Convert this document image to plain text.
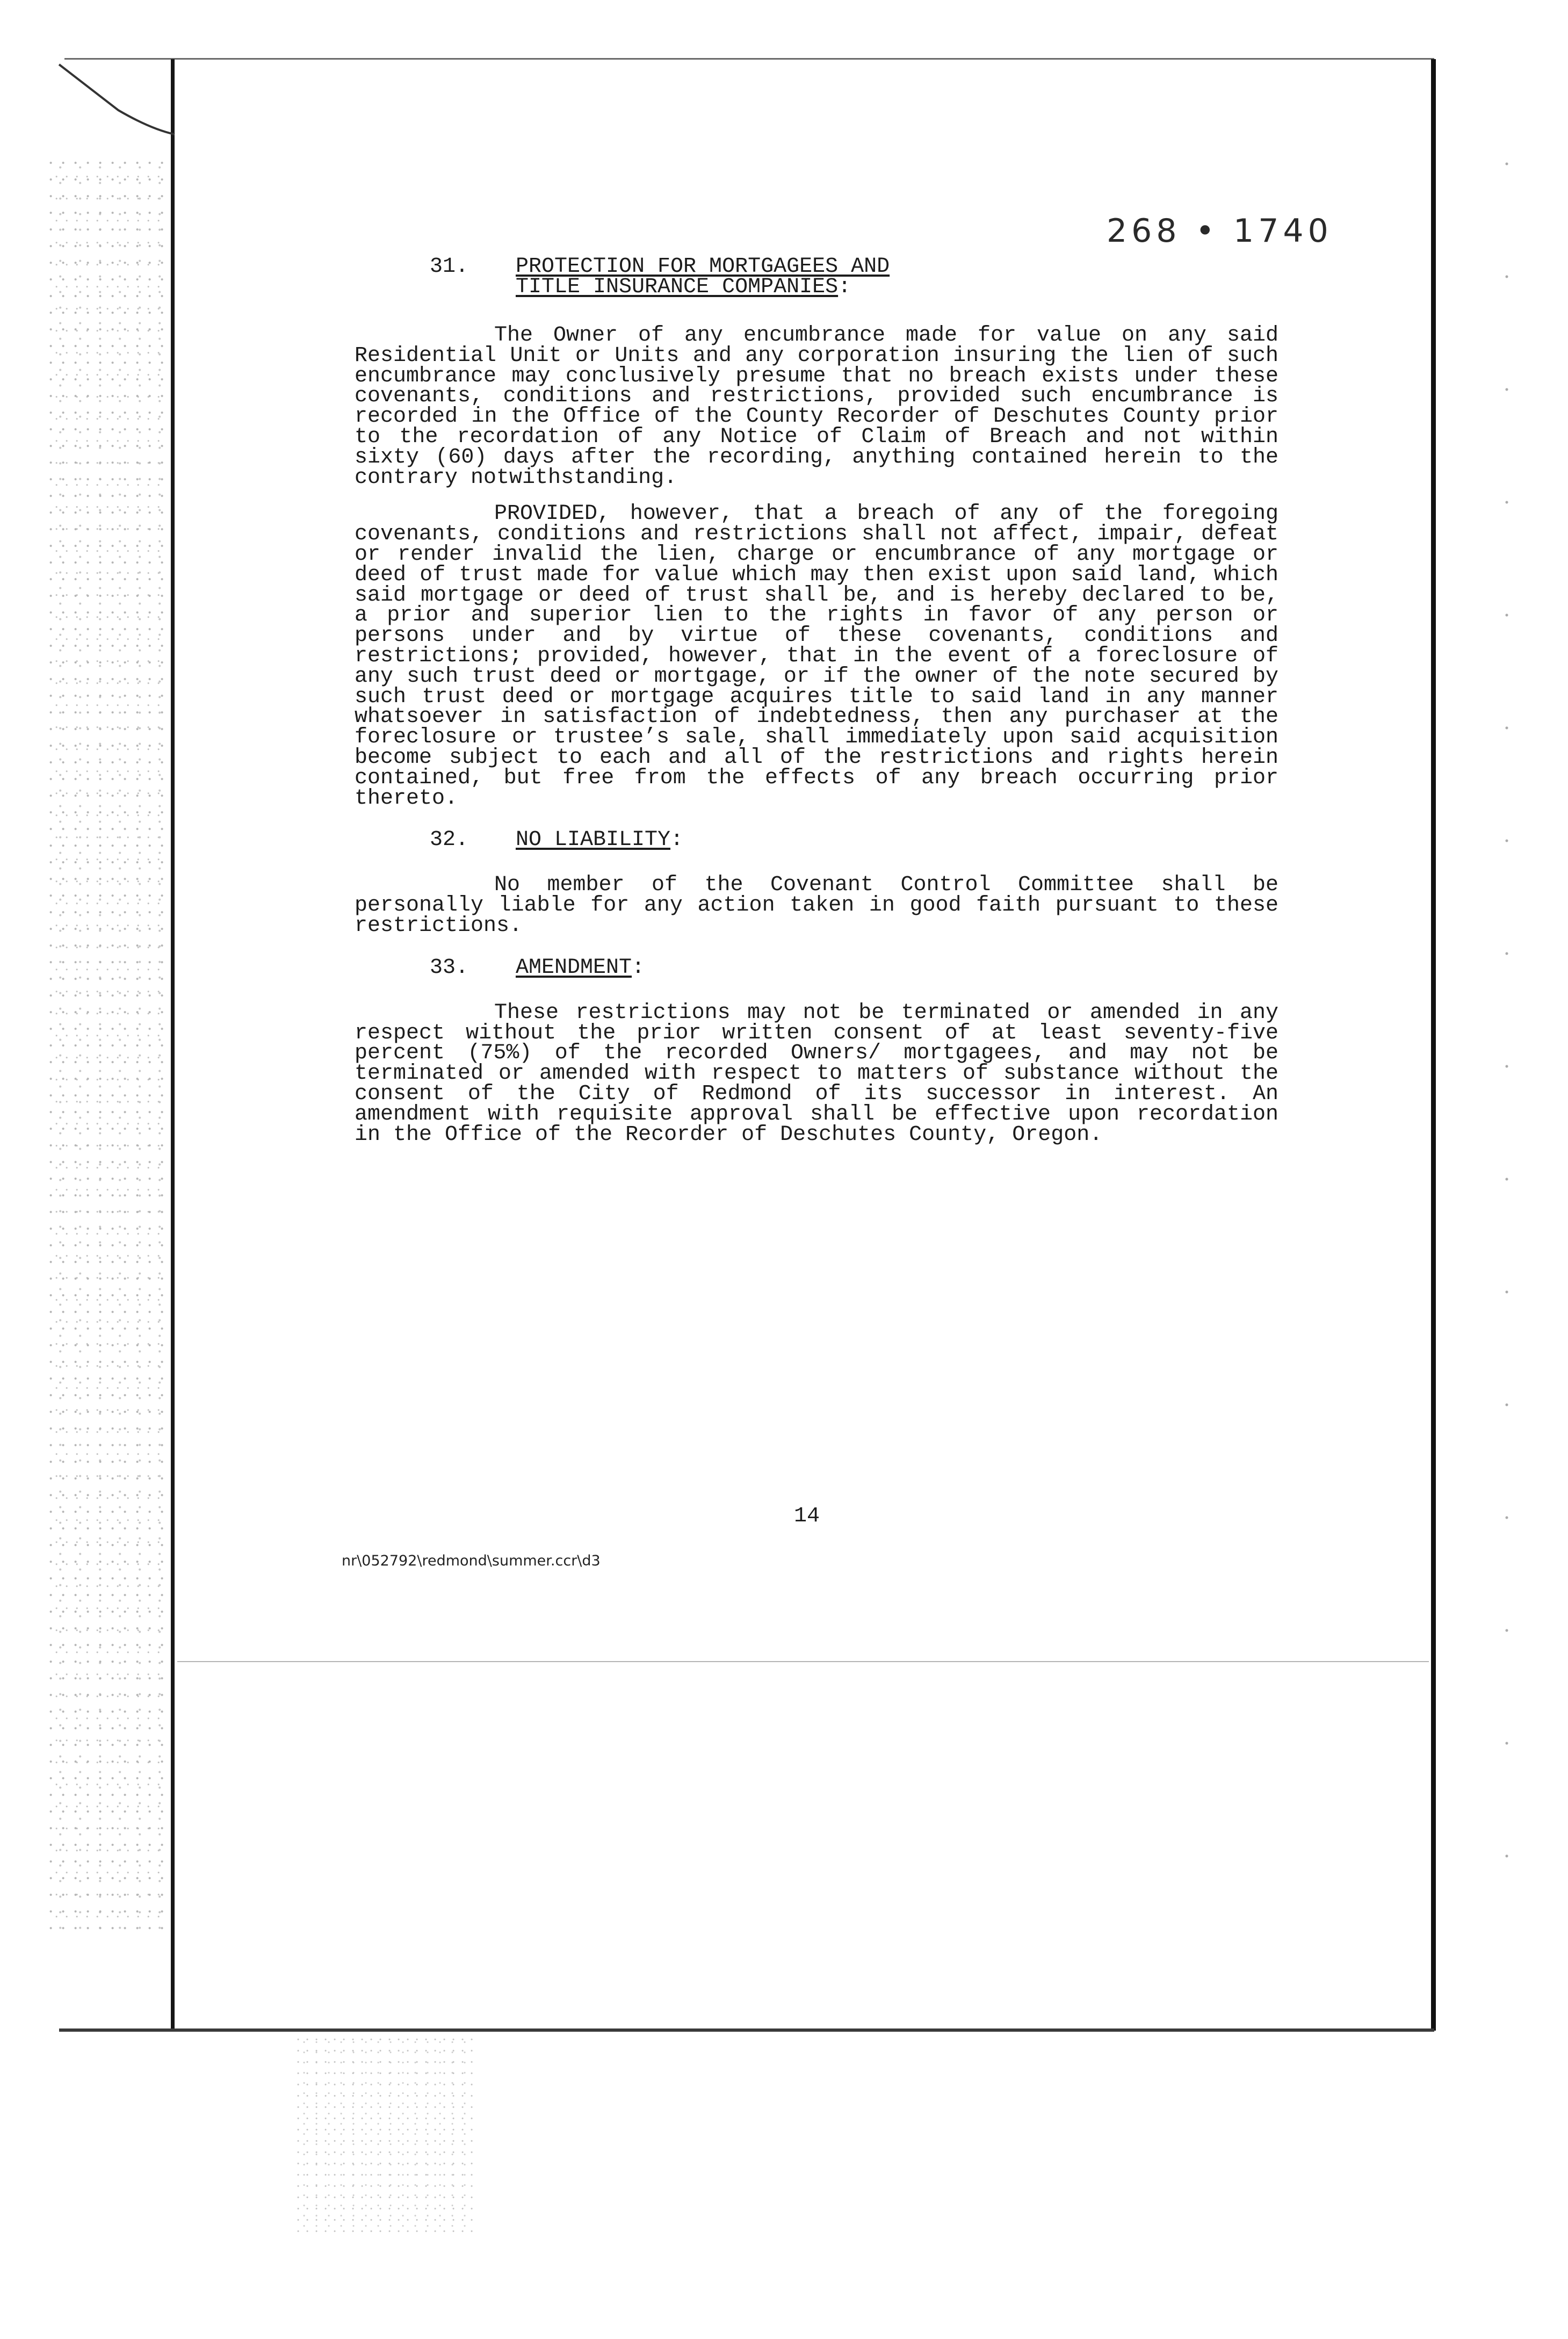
268 • 1740
31. PROTECTION FOR MORTGAGEES AND
TITLE INSURANCE COMPANIES:

The Owner of any encumbrance made for value on any said Residential Unit or Units and any corporation insuring the lien of such encumbrance may conclusively presume that no breach exists under these covenants, conditions and restrictions, provided such encumbrance is recorded in the Office of the County Recorder of Deschutes County prior to the recordation of any Notice of Claim of Breach and not within sixty (60) days after the recording, anything contained herein to the contrary notwithstanding.

PROVIDED, however, that a breach of any of the foregoing covenants, conditions and restrictions shall not affect, impair, defeat or render invalid the lien, charge or encumbrance of any mortgage or deed of trust made for value which may then exist upon said land, which said mortgage or deed of trust shall be, and is hereby declared to be, a prior and superior lien to the rights in favor of any person or persons under and by virtue of these covenants, conditions and restrictions; provided, however, that in the event of a foreclosure of any such trust deed or mortgage, or if the owner of the note secured by such trust deed or mortgage acquires title to said land in any manner whatsoever in satisfaction of indebtedness, then any purchaser at the foreclosure or trustee’s sale, shall immediately upon said acquisition become subject to each and all of the restrictions and rights herein contained, but free from the effects of any breach occurring prior thereto.

32. NO LIABILITY:

No member of the Covenant Control Committee shall be personally liable for any action taken in good faith pursuant to these restrictions.

33. AMENDMENT:

These restrictions may not be terminated or amended in any respect without the prior written consent of at least seventy-five percent (75%) of the recorded Owners/ mortgagees, and may not be terminated or amended with respect to matters of substance without the consent of the City of Redmond of its successor in interest. An amendment with requisite approval shall be effective upon recordation in the Office of the Recorder of Deschutes County, Oregon.

14
nr\052792\redmond\summer.ccr\d3
